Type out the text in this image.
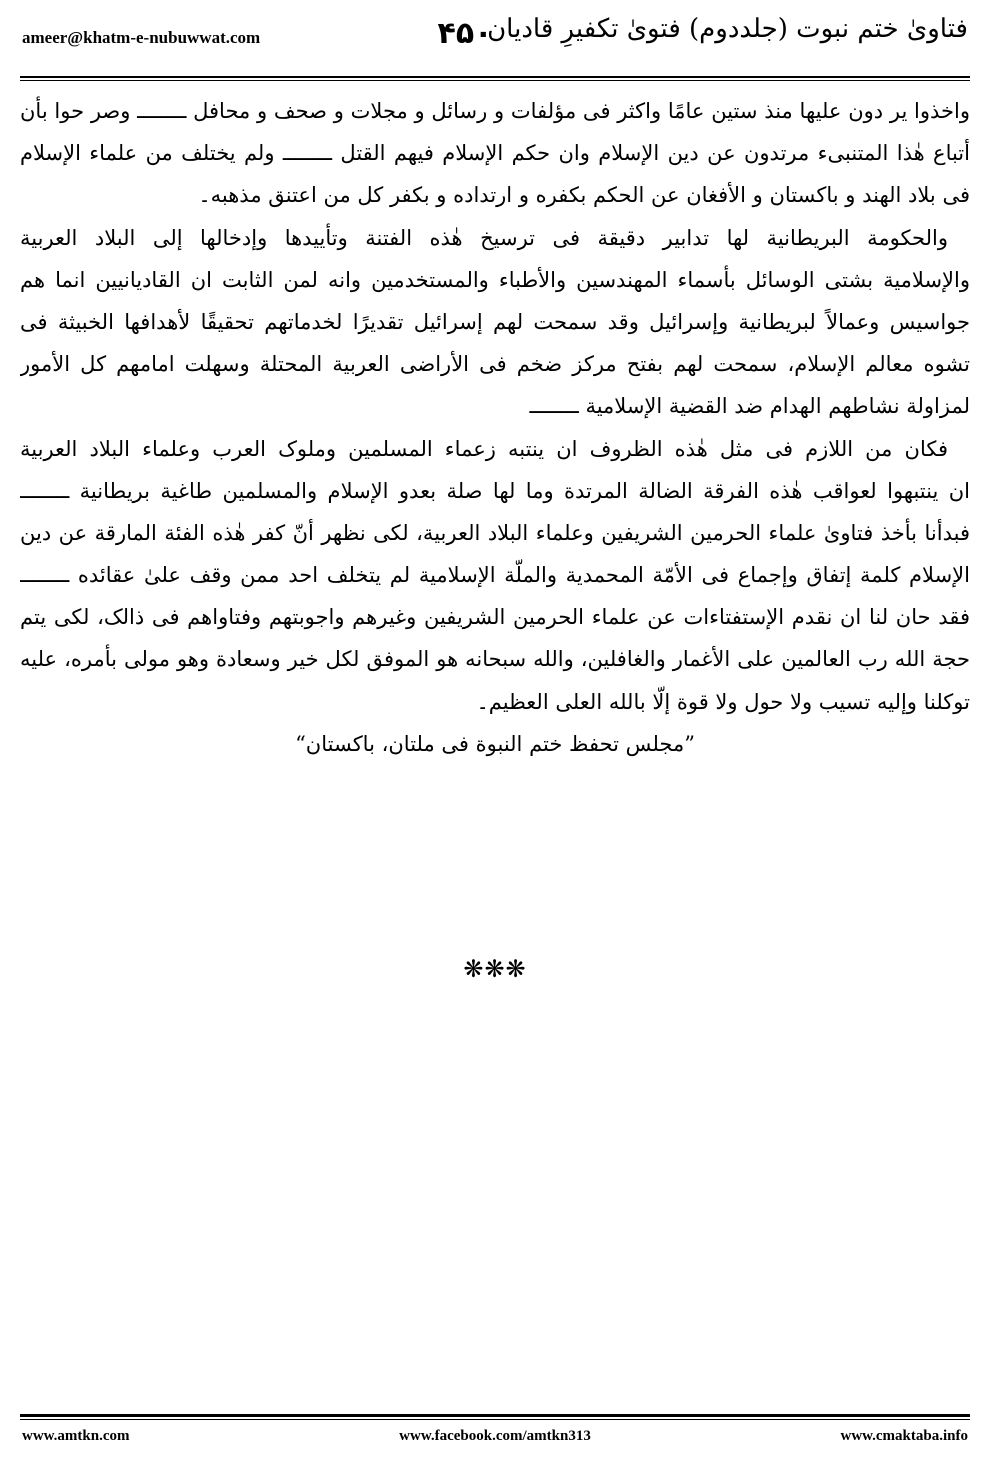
ameer@khatm-e-nubuwwat.com	۴۵۰
فتاویٰ ختم نبوت (جلددوم) فتویٰ تکفیرِ قادیان
واخذوا یر دون علیها منذ ستین عامًا واکثر فی مؤلفات و رسائل و مجلات و صحف و محافل ــــــــ وصر حوا بأن
أتباع هٰذا المتنبیء مرتدون عن دین الإسلام وان حکم الإسلام فیهم القتل ــــــــ ولم یختلف من علماء الإسلام
فی بلاد الهند و باکستان و الأفغان عن الحکم بکفره و ارتداده و بکفر کل من اعتنق مذهبه۔
والحکومة البریطانیة لها تدابیر دقیقة فی ترسیخ هٰذه الفتنة وتأییدها وإدخالها إلی البلاد العربیة
والإسلامیة بشتی الوسائل بأسماء المهندسین والأطباء والمستخدمین وانه لمن الثابت ان القادیانیین انما هم
جواسیس وعمالاً لبریطانیة وإسرائیل وقد سمحت لهم إسرائیل تقدیرًا لخدماتهم تحقیقًا لأهدافها الخبیثة فی
تشوه معالم الإسلام، سمحت لهم بفتح مرکز ضخم فی الأراضی العربیة المحتلة وسهلت امامهم کل الأمور
لمزاولة نشاطهم الهدام ضد القضیة الإسلامیة ــــــــ
فکان من اللازم فی مثل هٰذه الظروف ان ینتبه زعماء المسلمین وملوک العرب وعلماء البلاد العربیة
ان ینتبهوا لعواقب هٰذه الفرقة الضالة المرتدة وما لها صلة بعدو الإسلام والمسلمین طاغیة بریطانیة ــــــــ
فبدأنا بأخذ فتاویٰ علماء الحرمین الشریفین وعلماء البلاد العربیة، لکی نظهر أنّ کفر هٰذه الفئة المارقة عن دین
الإسلام کلمة إتفاق وإجماع فی الأمّة المحمدیة والملّة الإسلامیة لم یتخلف احد ممن وقف علیٰ عقائده ــــــــ
فقد حان لنا ان نقدم الإستفتاءات عن علماء الحرمین الشریفین وغیرهم واجوبتهم وفتاواهم فی ذالک، لکی یتم
حجة الله رب العالمین علی الأغمار والغافلین، والله سبحانه هو الموفق لکل خیر وسعادة وهو مولی بأمره، علیه
توکلنا وإلیه تسیب ولا حول ولا قوة إلّا بالله العلی العظیم۔
”مجلس تحفظ ختم النبوة فی ملتان، باکستان“
❋❋❋
www.amtkn.com	www.facebook.com/amtkn313	www.cmaktaba.info
